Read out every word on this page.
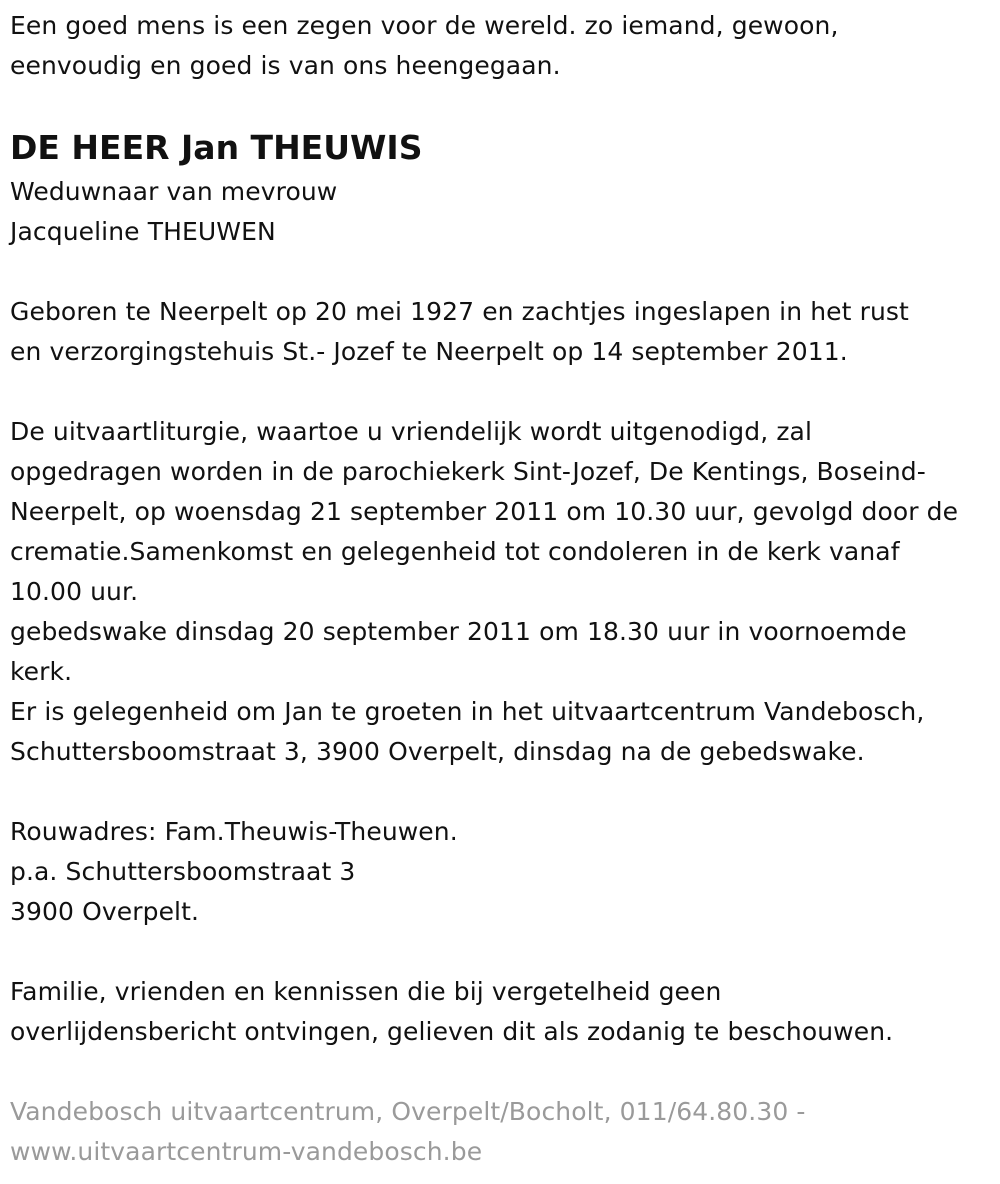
Een goed mens is een zegen voor de wereld. zo iemand, gewoon,
eenvoudig en goed is van ons heengegaan.
DE HEER Jan THEUWIS
Weduwnaar van mevrouw
Jacqueline THEUWEN
Geboren te Neerpelt op 20 mei 1927 en zachtjes ingeslapen in het rust
en verzorgingstehuis St.- Jozef te Neerpelt op 14 september 2011.
De uitvaartliturgie, waartoe u vriendelijk wordt uitgenodigd, zal
opgedragen worden in de parochiekerk Sint-Jozef, De Kentings, Boseind-
Neerpelt, op woensdag 21 september 2011 om 10.30 uur, gevolgd door de
crematie.Samenkomst en gelegenheid tot condoleren in de kerk vanaf
10.00 uur.
gebedswake dinsdag 20 september 2011 om 18.30 uur in voornoemde
kerk.
Er is gelegenheid om Jan te groeten in het uitvaartcentrum Vandebosch,
Schuttersboomstraat 3, 3900 Overpelt, dinsdag na de gebedswake.
Rouwadres: Fam.Theuwis-Theuwen.
p.a. Schuttersboomstraat 3
3900 Overpelt.
Familie, vrienden en kennissen die bij vergetelheid geen
overlijdensbericht ontvingen, gelieven dit als zodanig te beschouwen.
Vandebosch uitvaartcentrum, Overpelt/Bocholt, 011/64.80.30 -
www.uitvaartcentrum-vandebosch.be
